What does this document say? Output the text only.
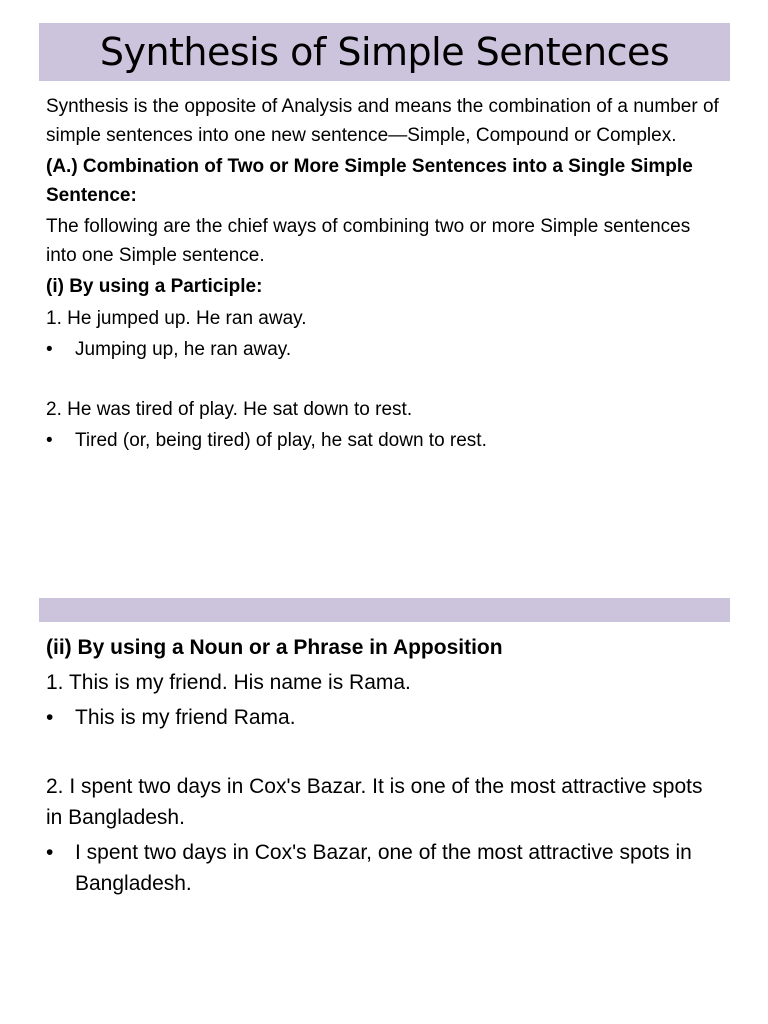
Synthesis of Simple Sentences

Synthesis is the opposite of Analysis and means the combination of a number of simple sentences into one new sentence—Simple, Compound or Complex.

(A.) Combination of Two or More Simple Sentences into a Single Simple Sentence:

The following are the chief ways of combining two or more Simple sentences into one Simple sentence.

(i) By using a Participle:

1. He jumped up. He ran away.

•	Jumping up, he ran away.

2. He was tired of play. He sat down to rest.

•	Tired (or, being tired) of play, he sat down to rest.

(ii) By using a Noun or a Phrase in Apposition

1. This is my friend. His name is Rama.

•	This is my friend Rama.

2. I spent two days in Cox's Bazar. It is one of the most attractive spots in Bangladesh.

•	I spent two days in Cox's Bazar, one of the most attractive spots in Bangladesh.
